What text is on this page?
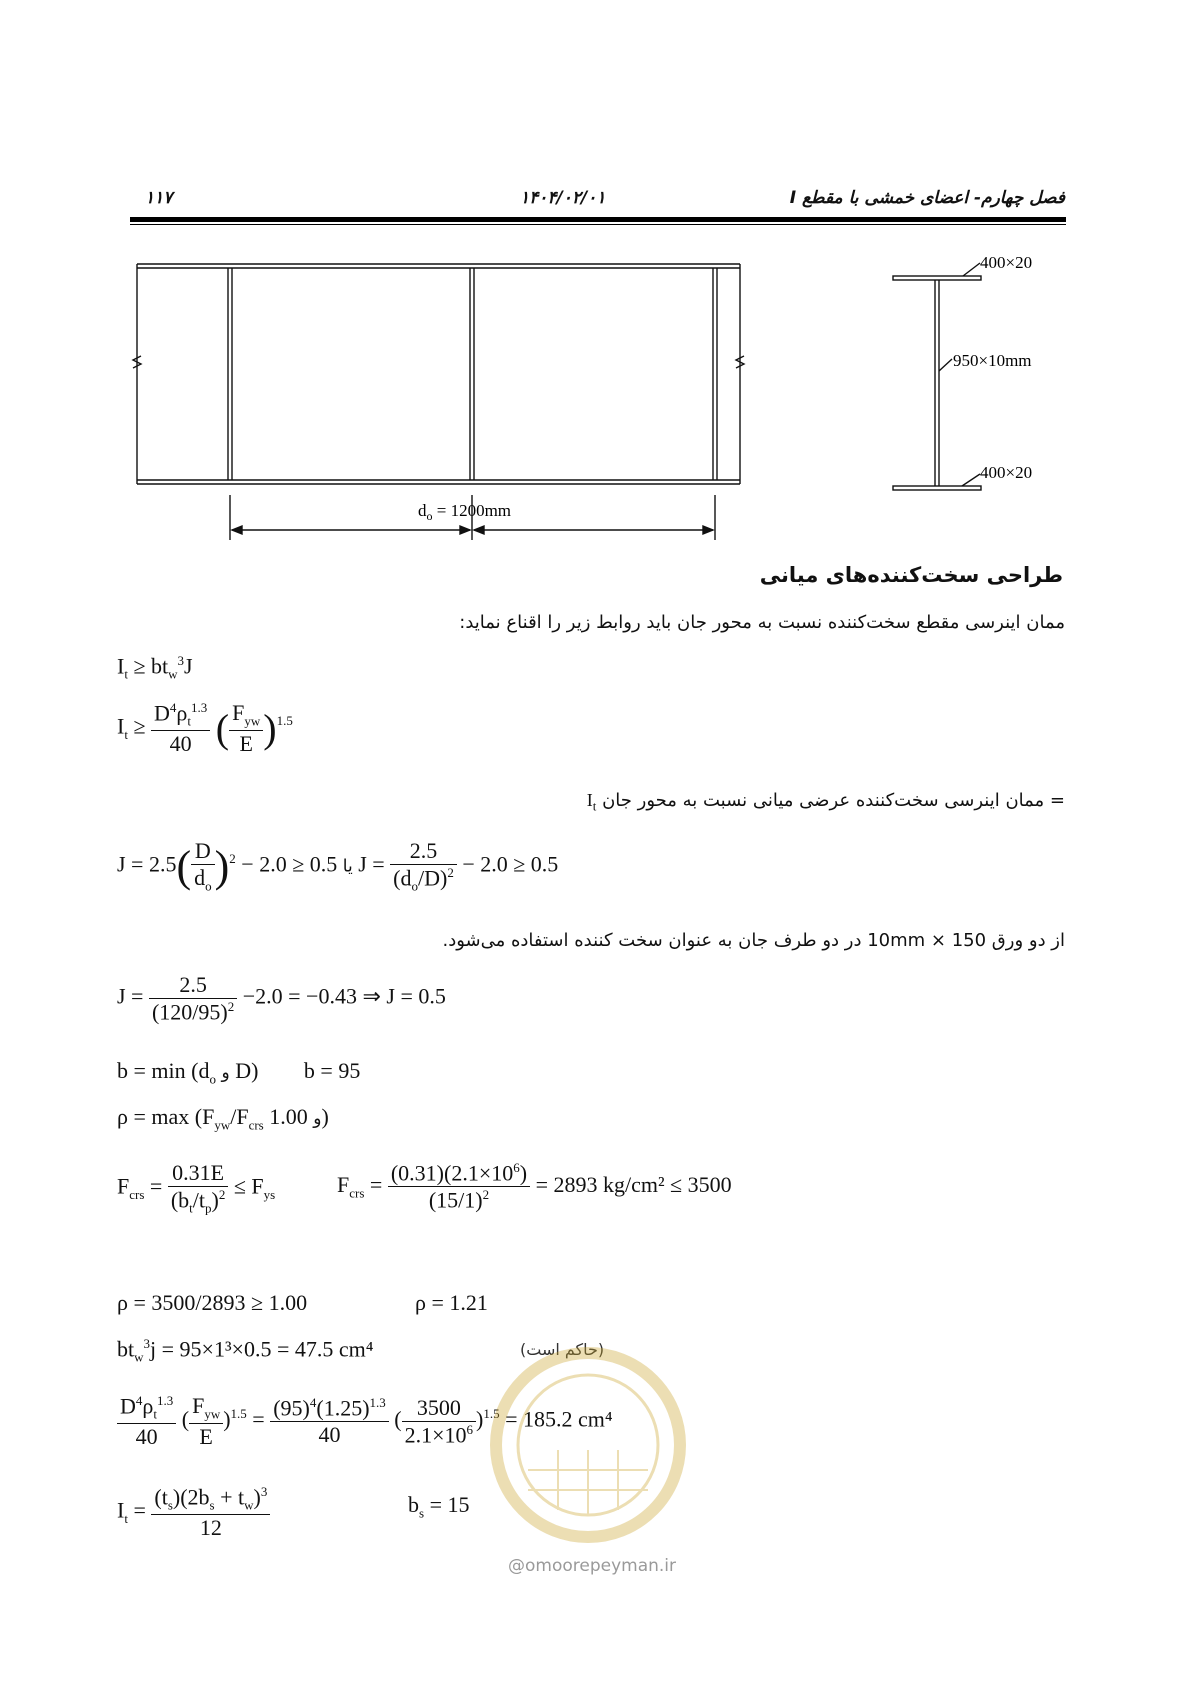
۱۱۷	۱۴۰۴/۰۲/۰۱	فصل چهارم- اعضای خمشی با مقطع I
400×20
950×10mm
400×20
$d_o = 1200mm$
طراحی سخت‌کننده‌های میانی
ممان اینرسی مقطع سخت‌کننده نسبت به محور جان باید روابط زیر را اقناع نماید:
$I_t \ge bt_w^3J$
$I_t \ge \frac{D^4\rho_t^{1.3}}{40}$ ( $\frac{F_{yw}}{E} )^{1.5}$
= ممان اینرسی سخت‌کننده عرضی میانی نسبت به محور جان $I_t$
$J = 2.5( \frac{D}{d_o} )^2 - 2.0 \ge 0.5$ یا $J = \frac{2.5}{(d_o/D)^2} - 2.0 \ge 0.5$
از دو ورق 10mm × 150 در دو طرف جان به عنوان سخت کننده استفاده می‌شود.
$J = \frac{2.5}{(120/95)^2} -2.0 = -0.43$ ⇒ J = 0.5
$b = \min (d_o$ و D) b = 95
$\rho = \max (F_{yw}/F_{crs}$	و 1.00)
$F_{crs} = \frac{0.31E}{(b_t/t_p)^2} \le F_{ys}$	$F_{crs} = \frac{(0.31)(2.1\times 10^6)}{(15/1)^2} = 2893$ kg/cm² ≤ 3500
ρ = 3500/2893 ≥ 1.00	ρ = 1.21
$bt_w^3j = 95\times 1^3\times 0.5 = 47.5$ cm⁴	(حاکم است)
$\frac{D^4\rho_t^{1.3}}{40}$ ( $\frac{F_{yw}}{E} )^{1.5} = \frac{(95)^4(1.25)^{1.3}}{40}$ ( $\frac{3500}{2.1\times 10^6} )^{1.5} = 185.2$ cm⁴
$I_t = \frac{(t_s)(2b_s + t_w)^3}{12}$	$b_s = 15$
@omoorepeyman.ir
